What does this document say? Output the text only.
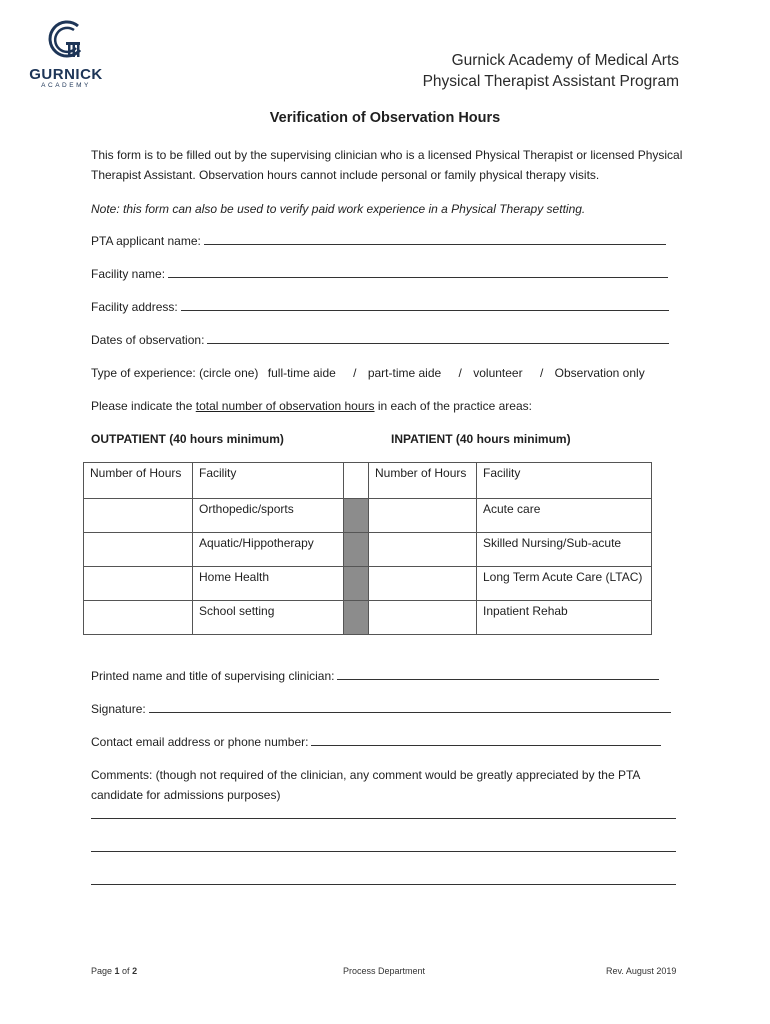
GURNICK
ACADEMY
Gurnick Academy of Medical Arts
Physical Therapist Assistant Program
Verification of Observation Hours
This form is to be filled out by the supervising clinician who is a licensed Physical Therapist or licensed Physical Therapist Assistant. Observation hours cannot include personal or family physical therapy visits.
Note: this form can also be used to verify paid work experience in a Physical Therapy setting.
PTA applicant name:
Facility name:
Facility address:
Dates of observation:
Type of experience: (circle one) full-time aide / part-time aide / volunteer / Observation only
Please indicate the total number of observation hours in each of the practice areas:
OUTPATIENT (40 hours minimum)	INPATIENT (40 hours minimum)
Number of Hours	Facility		Number of Hours	Facility
	Orthopedic/sports			Acute care
	Aquatic/Hippotherapy			Skilled Nursing/Sub-acute
	Home Health			Long Term Acute Care (LTAC)
	School setting			Inpatient Rehab
Printed name and title of supervising clinician:
Signature:
Contact email address or phone number:
Comments: (though not required of the clinician, any comment would be greatly appreciated by the PTA candidate for admissions purposes)
Page 1 of 2	Process Department	Rev. August 2019
